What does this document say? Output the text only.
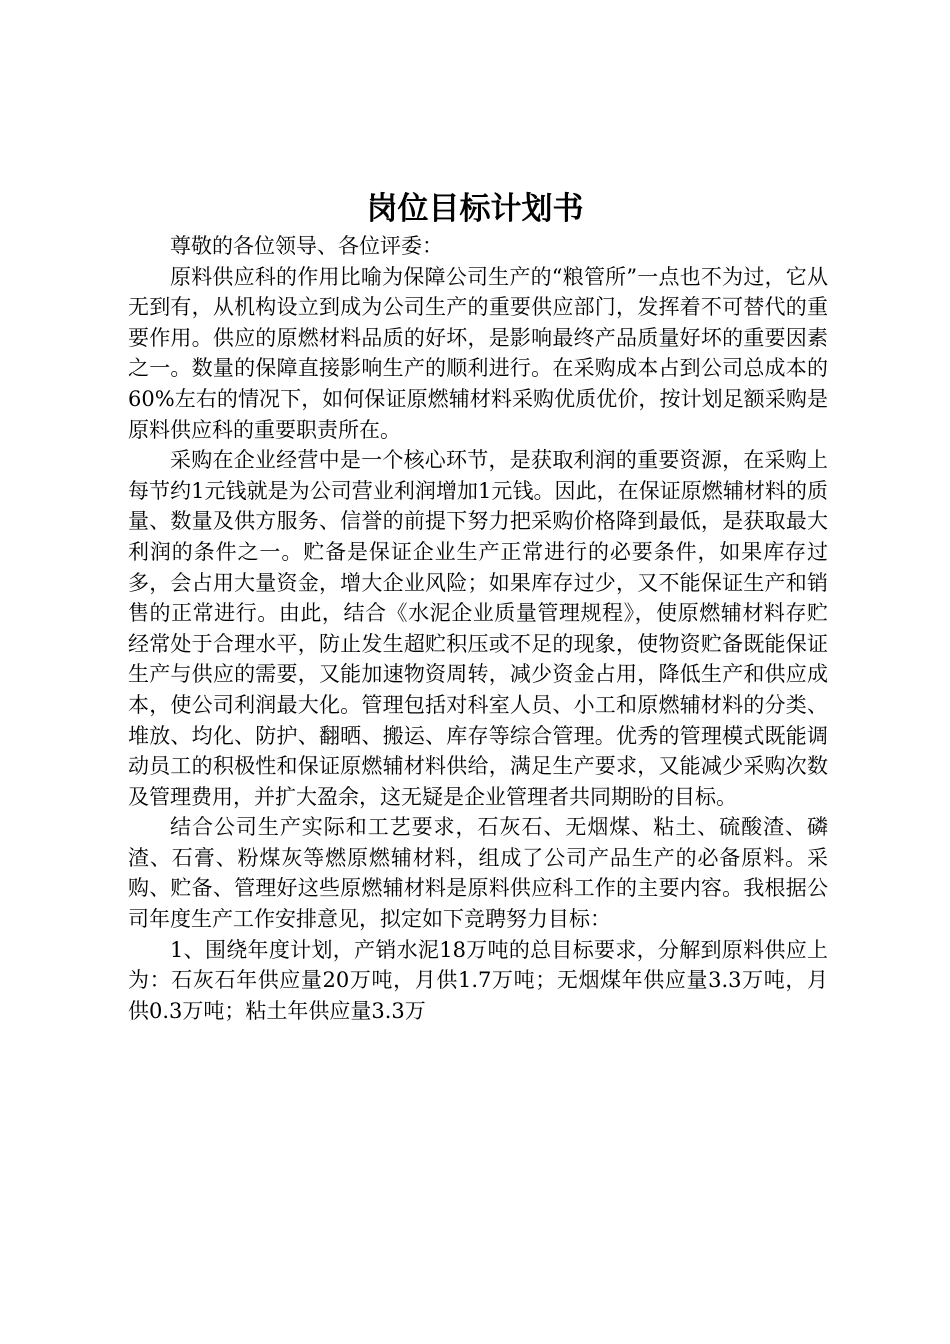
岗位目标计划书

尊敬的各位领导、各位评委：

原料供应科的作用比喻为保障公司生产的“粮管所”一点也不为过，它从无到有，从机构设立到成为公司生产的重要供应部门，发挥着不可替代的重要作用。供应的原燃材料品质的好坏，是影响最终产品质量好坏的重要因素之一。数量的保障直接影响生产的顺利进行。在采购成本占到公司总成本的60%左右的情况下，如何保证原燃辅材料采购优质优价，按计划足额采购是原料供应科的重要职责所在。

采购在企业经营中是一个核心环节，是获取利润的重要资源，在采购上每节约1元钱就是为公司营业利润增加1元钱。因此，在保证原燃辅材料的质量、数量及供方服务、信誉的前提下努力把采购价格降到最低，是获取最大利润的条件之一。贮备是保证企业生产正常进行的必要条件，如果库存过多，会占用大量资金，增大企业风险；如果库存过少，又不能保证生产和销售的正常进行。由此，结合《水泥企业质量管理规程》，使原燃辅材料存贮经常处于合理水平，防止发生超贮积压或不足的现象，使物资贮备既能保证生产与供应的需要，又能加速物资周转，减少资金占用，降低生产和供应成本，使公司利润最大化。管理包括对科室人员、小工和原燃辅材料的分类、堆放、均化、防护、翻晒、搬运、库存等综合管理。优秀的管理模式既能调动员工的积极性和保证原燃辅材料供给，满足生产要求，又能减少采购次数及管理费用，并扩大盈余，这无疑是企业管理者共同期盼的目标。

结合公司生产实际和工艺要求，石灰石、无烟煤、粘土、硫酸渣、磷渣、石膏、粉煤灰等燃原燃辅材料，组成了公司产品生产的必备原料。采购、贮备、管理好这些原燃辅材料是原料供应科工作的主要内容。我根据公司年度生产工作安排意见，拟定如下竞聘努力目标：

1、围绕年度计划，产销水泥18万吨的总目标要求，分解到原料供应上为：石灰石年供应量20万吨，月供1.7万吨；无烟煤年供应量3.3万吨，月供0.3万吨；粘土年供应量3.3万
